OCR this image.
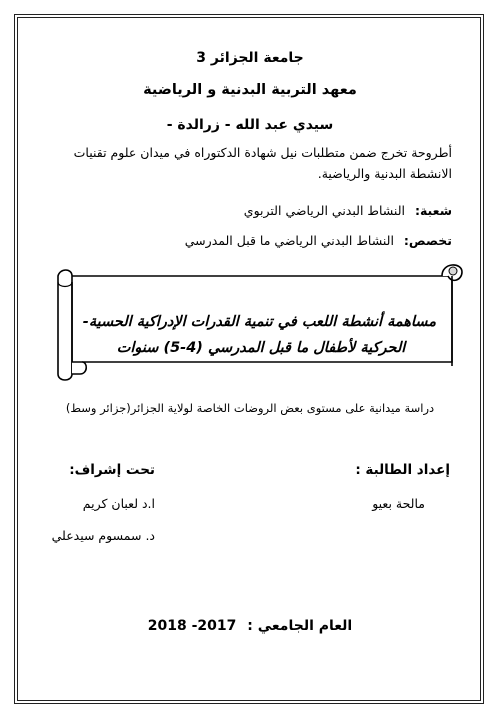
جامعة الجزائر 3
معهد التربية البدنية و الرياضية
سيدي عبد الله - زرالدة -
أطروحة تخرج ضمن متطلبات نيل شهادة الدكتوراه في ميدان علوم تقنيات
الانشطة البدنية والرياضية.
شعبة: النشاط البدني الرياضي التربوي
تخصص: النشاط البدني الرياضي ما قبل المدرسي
مساهمة أنشطة اللعب في تنمية القدرات الإدراكية الحسية-
الحركية لأطفال ما قبل المدرسي (4-5) سنوات
دراسة ميدانية على مستوى بعض الروضات الخاصة لولاية الجزائر(جزائر وسط)
إعداد الطالبة :
مالحة بعيو
تحت إشراف:
ا.د لعبان كريم
د. سمسوم سيدعلي
العام الجامعي : 2017- 2018
